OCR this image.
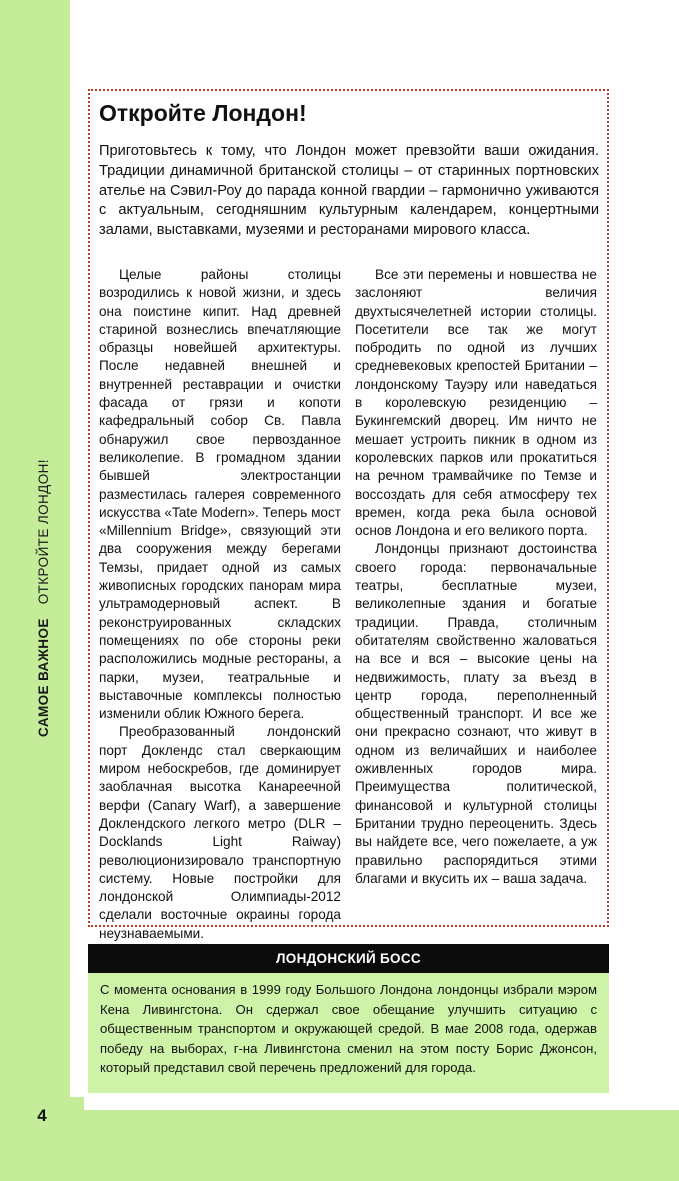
САМОЕ ВАЖНОЕОТКРОЙТЕ ЛОНДОН!
Откройте Лондон!

Приготовьтесь к тому, что Лондон может превзойти ваши ожидания. Традиции динамичной британской столицы – от старинных портновских ателье на Сэвил-Роу до парада конной гвардии – гармонично уживаются с актуальным, сегодняшним культурным календарем, концертными залами, выставками, музеями и ресторанами мирового класса.

Целые районы столицы возродились к новой жизни, и здесь она поистине кипит. Над древней стариной вознеслись впечатляющие образцы новейшей архитектуры. После недавней внешней и внутренней реставрации и очистки фасада от грязи и копоти кафедральный собор Св. Павла обнаружил свое первозданное великолепие. В громадном здании бывшей электростанции разместилась галерея современного искусства «Tate Modern». Теперь мост «Millennium Bridge», связующий эти два сооружения между берегами Темзы, придает одной из самых живописных городских панорам мира ультрамодерновый аспект. В реконструированных складских помещениях по обе стороны реки расположились модные рестораны, а парки, музеи, театральные и выставочные комплексы полностью изменили облик Южного берега.

Преобразованный лондонский порт Доклендс стал сверкающим миром небоскребов, где доминирует заоблачная высотка Канареечной верфи (Canary Warf), а завершение Доклендского легкого метро (DLR – Docklands Light Raiway) революционизировало транспортную систему. Новые постройки для лондонской Олимпиады-2012 сделали восточные окраины города неузнаваемыми.

Все эти перемены и новшества не заслоняют величия двухтысячелетней истории столицы. Посетители все так же могут побродить по одной из лучших средневековых крепостей Британии – лондонскому Тауэру или наведаться в королевскую резиденцию – Букингемский дворец. Им ничто не мешает устроить пикник в одном из королевских парков или прокатиться на речном трамвайчике по Темзе и воссоздать для себя атмосферу тех времен, когда река была основой основ Лондона и его великого порта.

Лондонцы признают достоинства своего города: первоначальные театры, бесплатные музеи, великолепные здания и богатые традиции. Правда, столичным обитателям свойственно жаловаться на все и вся – высокие цены на недвижимость, плату за въезд в центр города, переполненный общественный транспорт. И все же они прекрасно сознают, что живут в одном из величайших и наиболее оживленных городов мира. Преимущества политической, финансовой и культурной столицы Британии трудно переоценить. Здесь вы найдете все, чего пожелаете, а уж правильно распорядиться этими благами и вкусить их – ваша задача.

ЛОНДОНСКИЙ БОСС

С момента основания в 1999 году Большого Лондона лондонцы избрали мэром Кена Ливингстона. Он сдержал свое обещание улучшить ситуацию с общественным транспортом и окружающей средой. В мае 2008 года, одержав победу на выборах, г-на Ливингстона сменил на этом посту Борис Джонсон, который представил свой перечень предложений для города.

4
